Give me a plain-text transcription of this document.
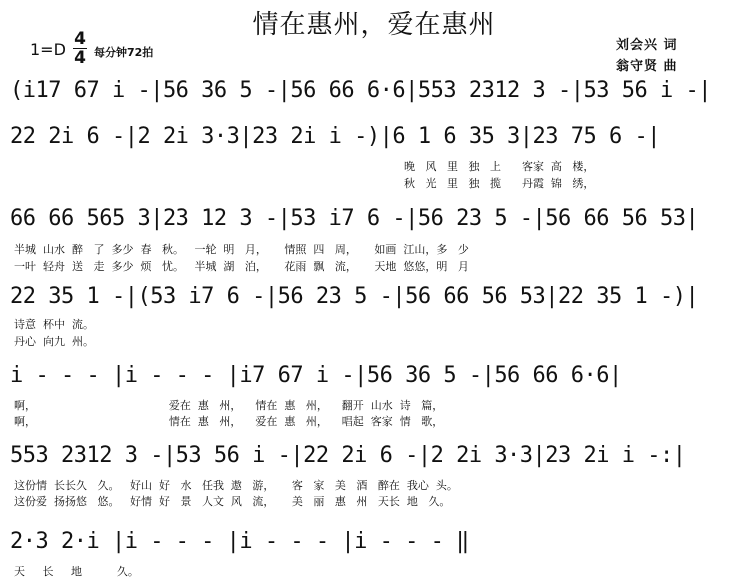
情在惠州，爱在惠州
1=D
4
4 每分钟72拍	刘会兴 词
翁守贤 曲
(i17 67 i -|56 36 5 -|56 66 6·6|553 2312 3 -|53 56 i -|
22 2i 6 -|2 2i 3·3|23 2i i -)|6 1 6 35 3|23 75 6 -|
晚   风   里   独   上      客家  高   楼，
秋   光   里   独   揽      丹霞  锦   绣，
66 66 565 3|23 12 3 -|53 i7 6 -|56 23 5 -|56 66 56 53|
半城  山水  醉   了  多少  春   秋。   一轮  明   月，     情照  四   周，     如画  江山，多   少
一叶  轻舟  送   走  多少  烦   忧。   半城  湖   泊，     花雨  飘   流，     天地  悠悠，明   月
22 35 1 -|(53 i7 6 -|56 23 5 -|56 66 56 53|22 35 1 -)|
诗意  杯中  流。
丹心  向九  州。
i - - - |i - - - |i7 67 i -|56 36 5 -|56 66 6·6|
啊，                                      爱在  惠   州，    情在  惠   州，    翻开  山水  诗   篇，
啊，                                      情在  惠   州，    爱在  惠   州，    唱起  客家  情   歌，
553 2312 3 -|53 56 i -|22 2i 6 -|2 2i 3·3|23 2i i -:|
这份情  长长久   久。   好山  好   水   任我  遨   游，     客   家   美   酒   醉在  我心  头。
这份爱  扬扬悠   悠。   好情  好   景   人文  风   流，     美   丽   惠   州   天长  地   久。
2·3 2·i |i - - - |i - - - |i - - - ‖
天     长     地          久。
